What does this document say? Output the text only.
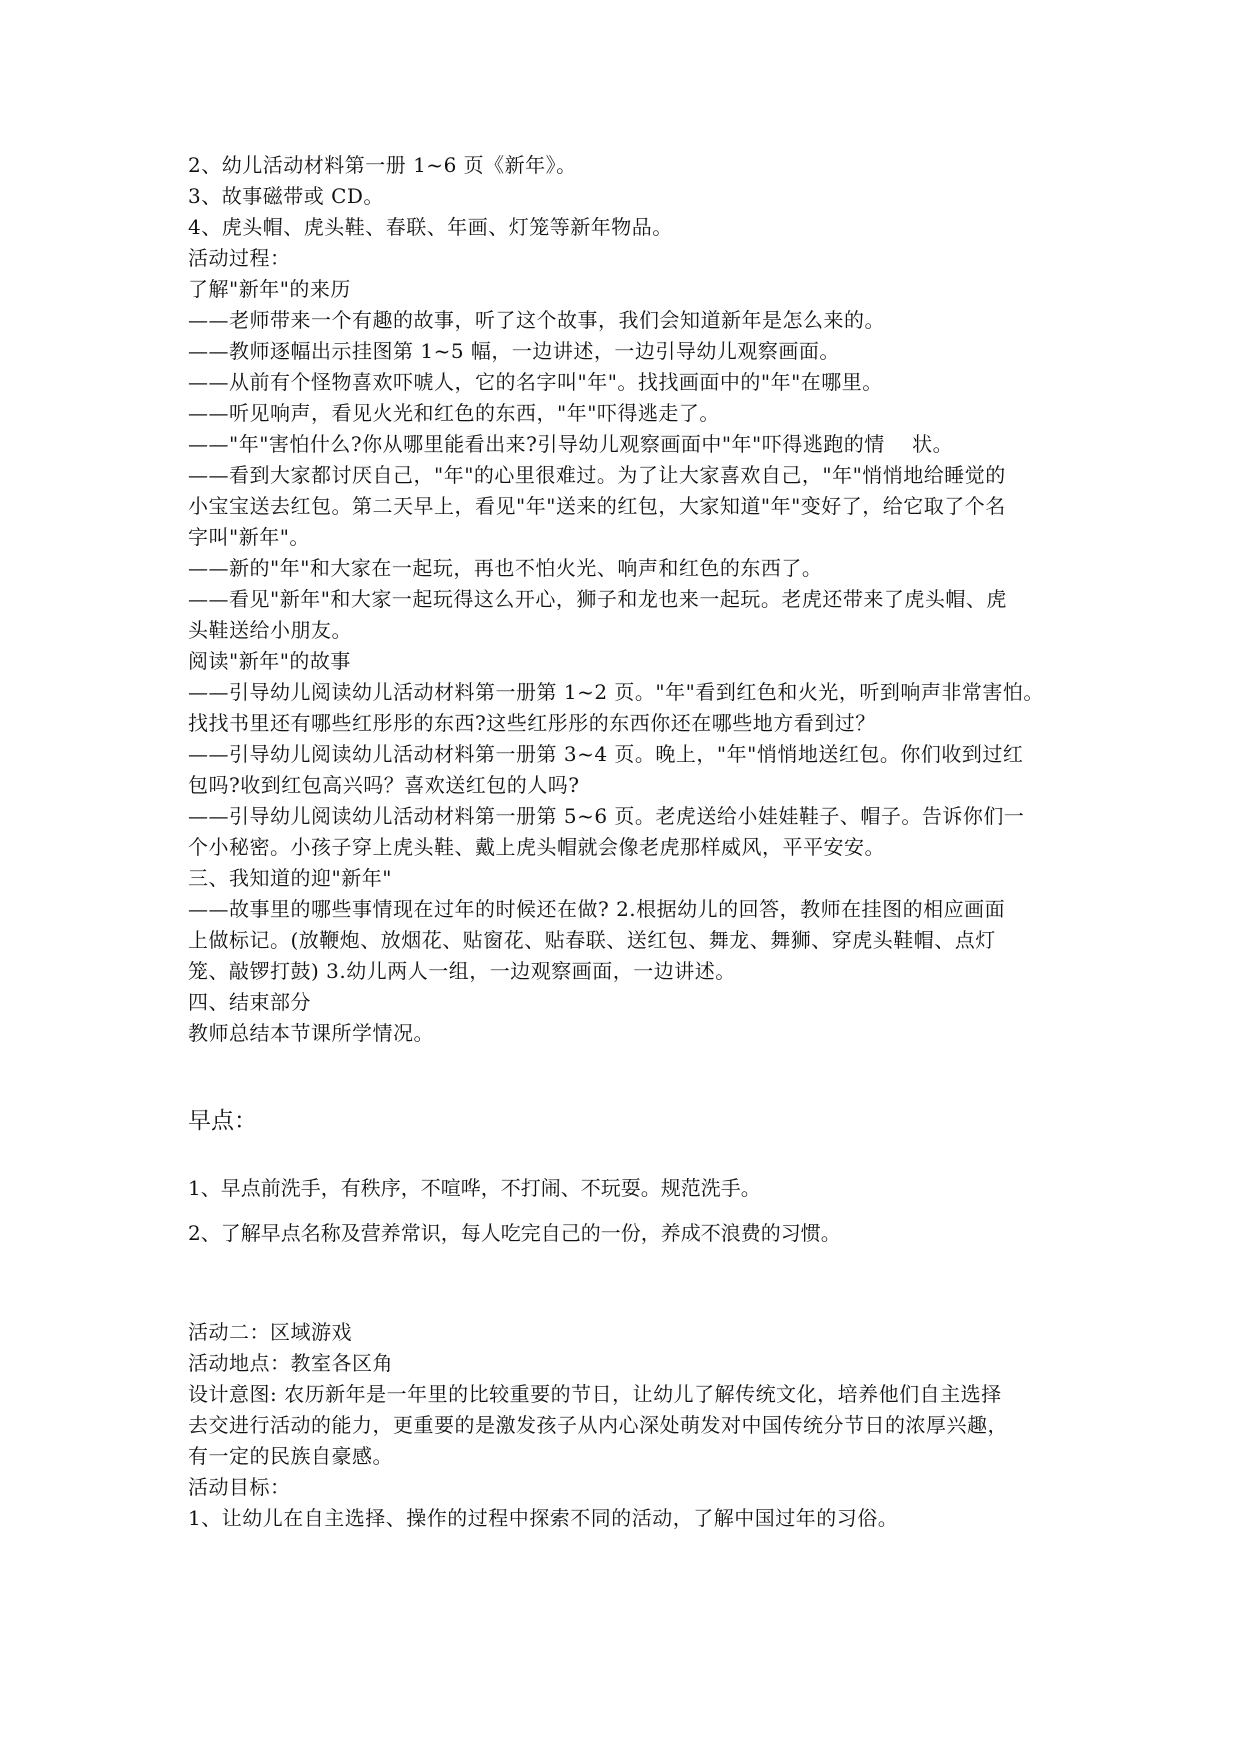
2、幼儿活动材料第一册 1~6 页《新年》。
3、故事磁带或 CD。
4、虎头帽、虎头鞋、春联、年画、灯笼等新年物品。
活动过程：
了解"新年"的来历
——老师带来一个有趣的故事，听了这个故事，我们会知道新年是怎么来的。
——教师逐幅出示挂图第 1~5 幅，一边讲述，一边引导幼儿观察画面。
——从前有个怪物喜欢吓唬人，它的名字叫"年"。找找画面中的"年"在哪里。
——听见响声，看见火光和红色的东西，"年"吓得逃走了。
——"年"害怕什么?你从哪里能看出来?引导幼儿观察画面中"年"吓得逃跑的情　 状。
——看到大家都讨厌自己，"年"的心里很难过。为了让大家喜欢自己，"年"悄悄地给睡觉的
小宝宝送去红包。第二天早上，看见"年"送来的红包，大家知道"年"变好了，给它取了个名
字叫"新年"。
——新的"年"和大家在一起玩，再也不怕火光、响声和红色的东西了。
——看见"新年"和大家一起玩得这么开心，狮子和龙也来一起玩。老虎还带来了虎头帽、虎
头鞋送给小朋友。
阅读"新年"的故事
——引导幼儿阅读幼儿活动材料第一册第 1~2 页。"年"看到红色和火光，听到响声非常害怕。
找找书里还有哪些红彤彤的东西?这些红彤彤的东西你还在哪些地方看到过？
——引导幼儿阅读幼儿活动材料第一册第 3~4 页。晚上，"年"悄悄地送红包。你们收到过红
包吗?收到红包高兴吗？喜欢送红包的人吗?
——引导幼儿阅读幼儿活动材料第一册第 5~6 页。老虎送给小娃娃鞋子、帽子。告诉你们一
个小秘密。小孩子穿上虎头鞋、戴上虎头帽就会像老虎那样威风，平平安安。
三、我知道的迎"新年"
——故事里的哪些事情现在过年的时候还在做? 2.根据幼儿的回答，教师在挂图的相应画面
上做标记。(放鞭炮、放烟花、贴窗花、贴春联、送红包、舞龙、舞狮、穿虎头鞋帽、点灯
笼、敲锣打鼓) 3.幼儿两人一组，一边观察画面，一边讲述。
四、结束部分
教师总结本节课所学情况。
早点：
1、早点前洗手，有秩序，不喧哗，不打闹、不玩耍。规范洗手。
2、了解早点名称及营养常识，每人吃完自己的一份，养成不浪费的习惯。
活动二：区域游戏
活动地点：教室各区角
设计意图: 农历新年是一年里的比较重要的节日，让幼儿了解传统文化，培养他们自主选择
去交进行活动的能力，更重要的是激发孩子从内心深处萌发对中国传统分节日的浓厚兴趣，
有一定的民族自豪感。
活动目标：
1、让幼儿在自主选择、操作的过程中探索不同的活动，了解中国过年的习俗。
